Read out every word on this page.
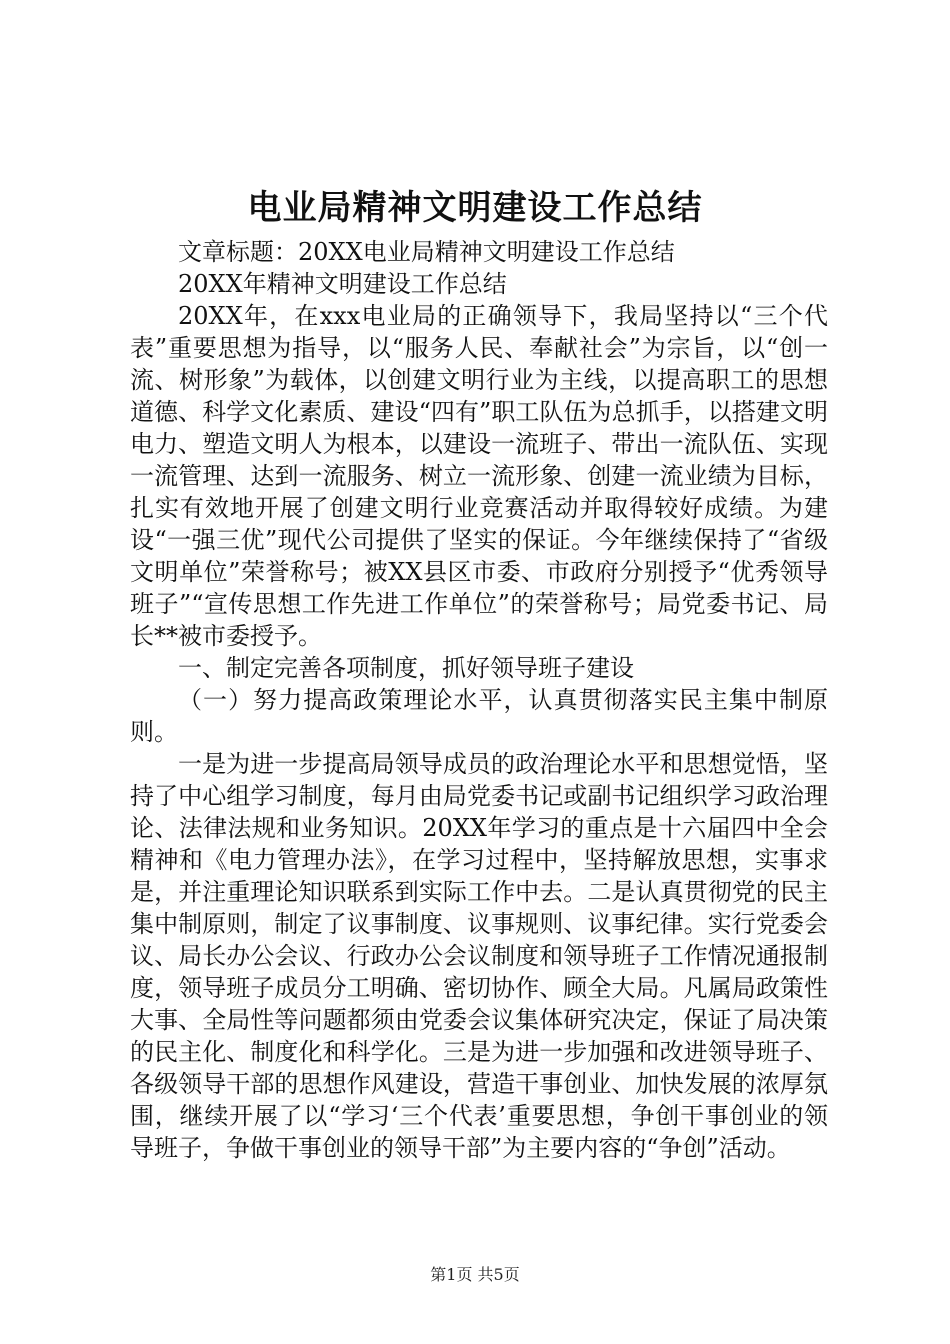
电业局精神文明建设工作总结

文章标题：20XX电业局精神文明建设工作总结

20XX年精神文明建设工作总结

20XX年，在xxx电业局的正确领导下，我局坚持以“三个代表”重要思想为指导，以“服务人民、奉献社会”为宗旨，以“创一流、树形象”为载体，以创建文明行业为主线，以提高职工的思想道德、科学文化素质、建设“四有”职工队伍为总抓手，以搭建文明电力、塑造文明人为根本，以建设一流班子、带出一流队伍、实现一流管理、达到一流服务、树立一流形象、创建一流业绩为目标，扎实有效地开展了创建文明行业竞赛活动并取得较好成绩。为建设“一强三优”现代公司提供了坚实的保证。今年继续保持了“省级文明单位”荣誉称号；被XX县区市委、市政府分别授予“优秀领导班子”“宣传思想工作先进工作单位”的荣誉称号；局党委书记、局长**被市委授予。

一、制定完善各项制度，抓好领导班子建设

（一）努力提高政策理论水平，认真贯彻落实民主集中制原则。

一是为进一步提高局领导成员的政治理论水平和思想觉悟，坚持了中心组学习制度，每月由局党委书记或副书记组织学习政治理论、法律法规和业务知识。20XX年学习的重点是十六届四中全会精神和《电力管理办法》，在学习过程中，坚持解放思想，实事求是，并注重理论知识联系到实际工作中去。二是认真贯彻党的民主集中制原则，制定了议事制度、议事规则、议事纪律。实行党委会议、局长办公会议、行政办公会议制度和领导班子工作情况通报制度，领导班子成员分工明确、密切协作、顾全大局。凡属局政策性大事、全局性等问题都须由党委会议集体研究决定，保证了局决策的民主化、制度化和科学化。三是为进一步加强和改进领导班子、各级领导干部的思想作风建设，营造干事创业、加快发展的浓厚氛围，继续开展了以“学习‘三个代表’重要思想，争创干事创业的领导班子，争做干事创业的领导干部”为主要内容的“争创”活动。

第1页 共5页
